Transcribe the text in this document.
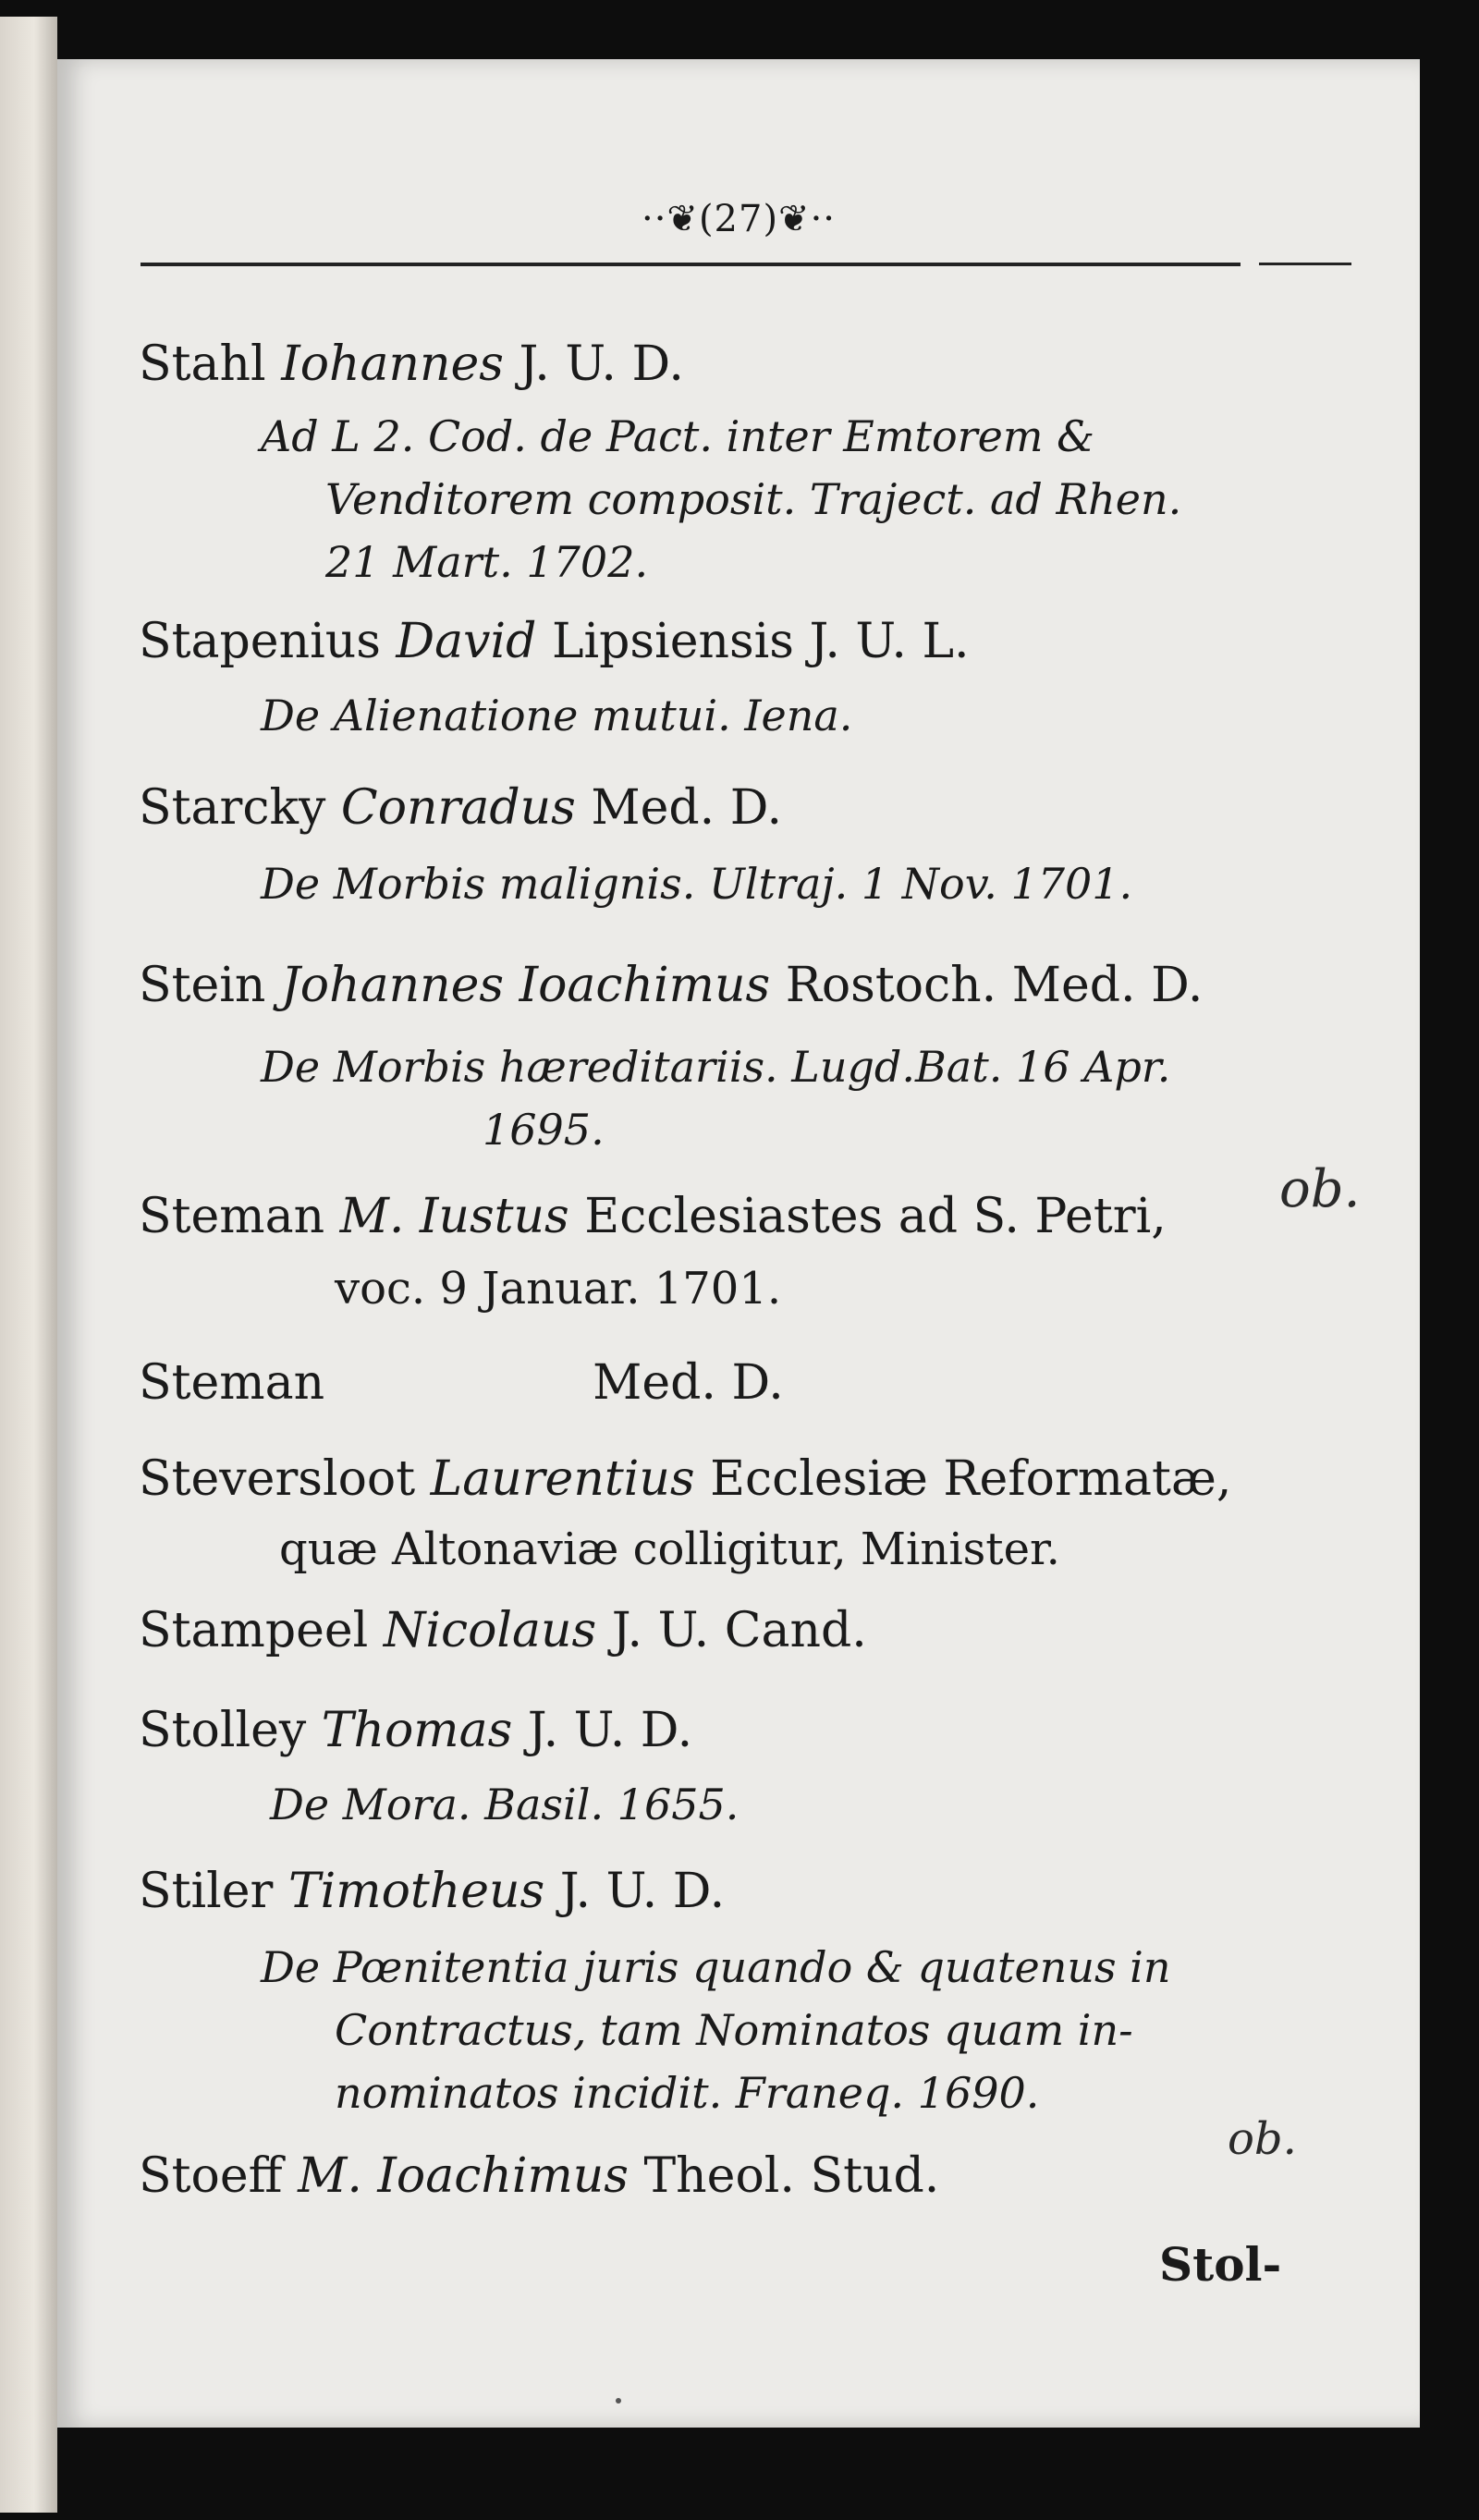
··❦(27)❦··
Stahl Iohannes J. U. D.
Ad L 2. Cod. de Pact. inter Emtorem &
Venditorem composit. Traject. ad Rhen.
21 Mart. 1702.
Stapenius David Lipsiensis J. U. L.
De Alienatione mutui. Iena.
Starcky Conradus Med. D.
De Morbis malignis. Ultraj. 1 Nov. 1701.
Stein Johannes Ioachimus Rostoch. Med. D.
De Morbis hæreditariis. Lugd.Bat. 16 Apr.
1695.
Steman M. Iustus Ecclesiastes ad S. Petri,
voc. 9 Januar. 1701.
Steman	Med. D.
Steversloot Laurentius Ecclesiæ Reformatæ,
quæ Altonaviæ colligitur, Minister.
Stampeel Nicolaus J. U. Cand.
Stolley Thomas J. U. D.
De Mora. Basil. 1655.
Stiler Timotheus J. U. D.
De Pœnitentia juris quando & quatenus in
Contractus, tam Nominatos quam in-
nominatos incidit. Franeq. 1690.
Stoeff M. Ioachimus Theol. Stud.
Stol-
ob.
ob.
